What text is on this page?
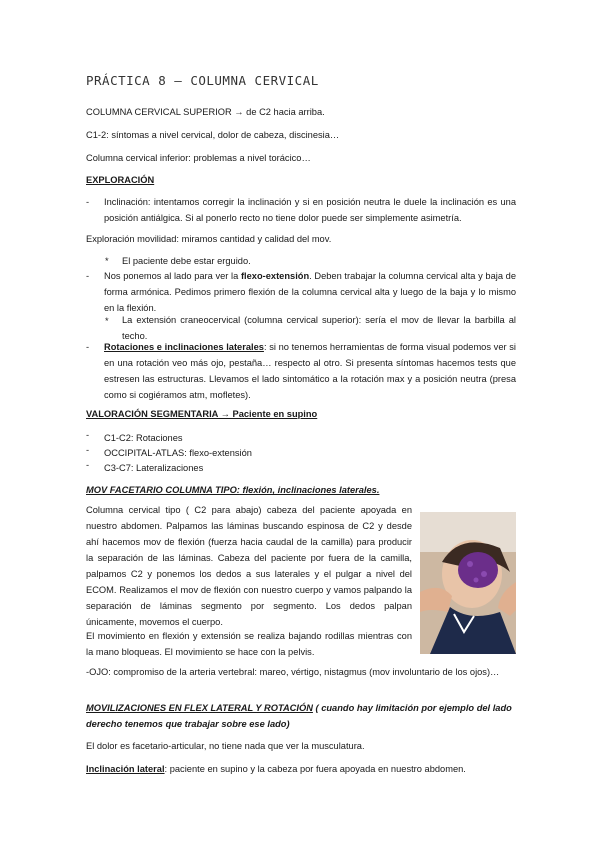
PRÁCTICA 8 – COLUMNA CERVICAL
COLUMNA CERVICAL SUPERIOR → de C2 hacia arriba.
C1-2: síntomas a nivel cervical, dolor de cabeza, discinesia…
Columna cervical inferior: problemas a nivel torácico…
EXPLORACIÓN
- Inclinación: intentamos corregir la inclinación y si en posición neutra le duele la inclinación es una posición antiálgica. Si al ponerlo recto no tiene dolor puede ser simplemente asimetría.
Exploración movilidad: miramos cantidad y calidad del mov.
* El paciente debe estar erguido.
- Nos ponemos al lado para ver la flexo-extensión. Deben trabajar la columna cervical alta y baja de forma armónica. Pedimos primero flexión de la columna cervical alta y luego de la baja y lo mismo en la flexión.
* La extensión craneocervical (columna cervical superior): sería el mov de llevar la barbilla al techo.
- Rotaciones e inclinaciones laterales: si no tenemos herramientas de forma visual podemos ver si en una rotación veo más ojo, pestaña… respecto al otro. Si presenta síntomas hacemos tests que estresen las estructuras. Llevamos el lado sintomático a la rotación max y a posición neutra (presa como si cogiéramos atm, mofletes).
VALORACIÓN SEGMENTARIA → Paciente en supino
- C1-C2: Rotaciones
- OCCIPITAL-ATLAS: flexo-extensión
- C3-C7: Lateralizaciones
MOV FACETARIO COLUMNA TIPO: flexión, inclinaciones laterales.
Columna cervical tipo ( C2 para abajo) cabeza del paciente apoyada en nuestro abdomen. Palpamos las láminas buscando espinosa de C2 y desde ahí hacemos mov de flexión (fuerza hacia caudal de la camilla) para producir la separación de las láminas. Cabeza del paciente por fuera de la camilla, palpamos C2 y ponemos los dedos a sus laterales y el pulgar a nivel del ECOM. Realizamos el mov de flexión con nuestro cuerpo y vamos palpando la separación de láminas segmento por segmento. Los dedos palpan únicamente, movemos el cuerpo.
El movimiento en flexión y extensión se realiza bajando rodillas mientras con la mano bloqueas. El movimiento se hace con la pelvis.
-OJO: compromiso de la arteria vertebral: mareo, vértigo, nistagmus (mov involuntario de los ojos)…
MOVILIZACIONES EN FLEX LATERAL Y ROTACIÓN ( cuando hay limitación por ejemplo del lado derecho tenemos que trabajar sobre ese lado)
El dolor es facetario-articular, no tiene nada que ver la musculatura.
Inclinación lateral: paciente en supino y la cabeza por fuera apoyada en nuestro abdomen.
